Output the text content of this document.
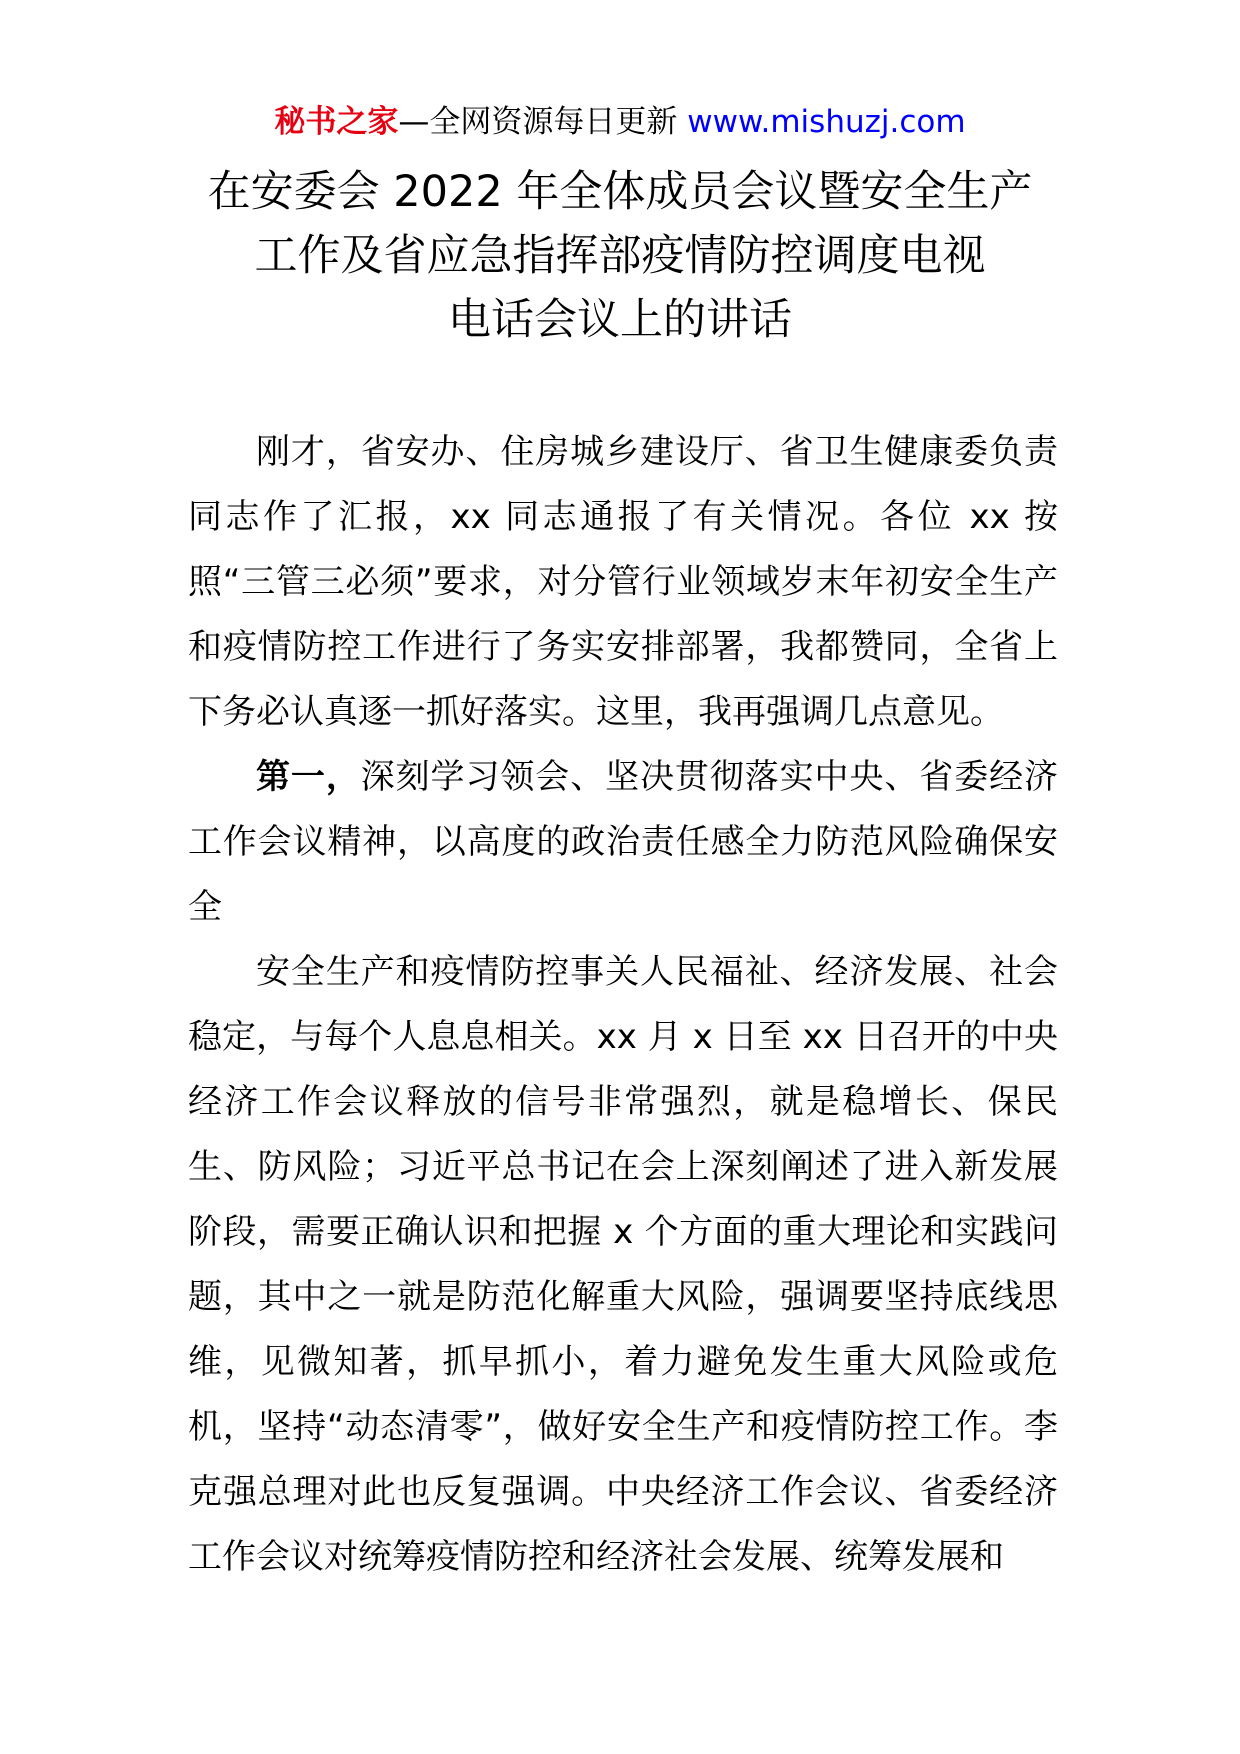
秘书之家—全网资源每日更新 www.mishuzj.com
在安委会 2022 年全体成员会议暨安全生产
工作及省应急指挥部疫情防控调度电视
电话会议上的讲话

刚才，省安办、住房城乡建设厅、省卫生健康委负责同志作了汇报，xx 同志通报了有关情况。各位 xx 按照“三管三必须”要求，对分管行业领域岁末年初安全生产和疫情防控工作进行了务实安排部署，我都赞同，全省上下务必认真逐一抓好落实。这里，我再强调几点意见。

第一，深刻学习领会、坚决贯彻落实中央、省委经济工作会议精神，以高度的政治责任感全力防范风险确保安全

安全生产和疫情防控事关人民福祉、经济发展、社会稳定，与每个人息息相关。xx 月 x 日至 xx 日召开的中央经济工作会议释放的信号非常强烈，就是稳增长、保民生、防风险；习近平总书记在会上深刻阐述了进入新发展阶段，需要正确认识和把握 x 个方面的重大理论和实践问题，其中之一就是防范化解重大风险，强调要坚持底线思维，见微知著，抓早抓小，着力避免发生重大风险或危机，坚持“动态清零”，做好安全生产和疫情防控工作。李克强总理对此也反复强调。中央经济工作会议、省委经济工作会议对统筹疫情防控和经济社会发展、统筹发展和
